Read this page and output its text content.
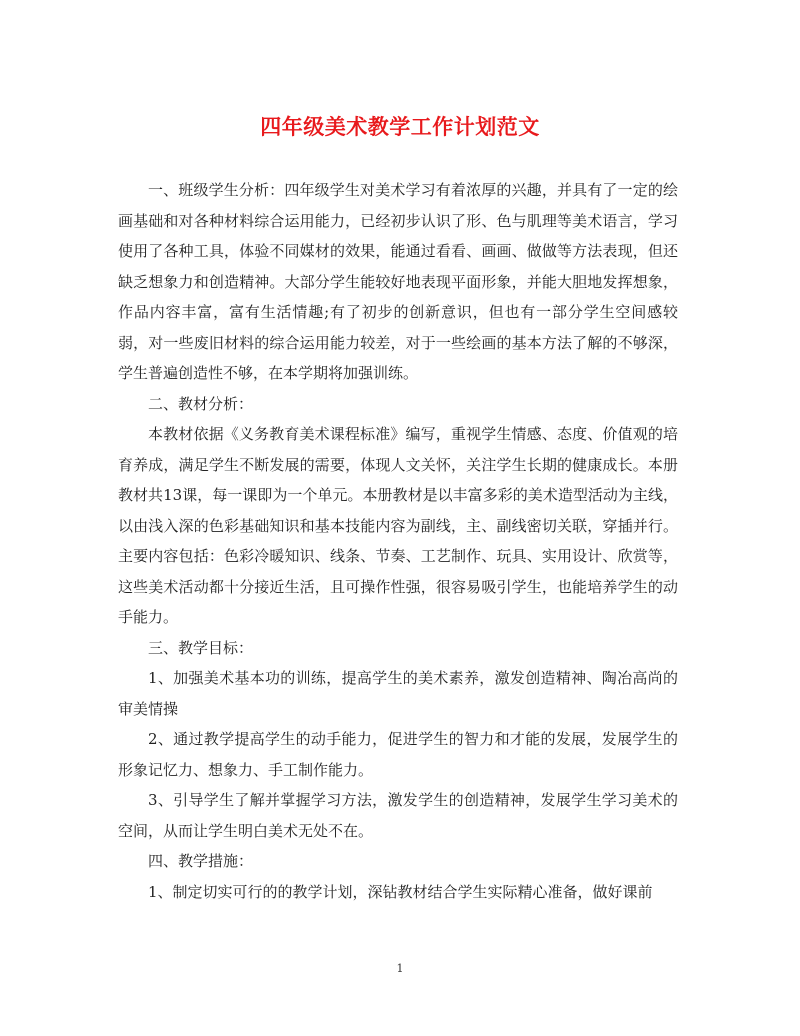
四年级美术教学工作计划范文

一、班级学生分析：四年级学生对美术学习有着浓厚的兴趣，并具有了一定的绘画基础和对各种材料综合运用能力，已经初步认识了形、色与肌理等美术语言，学习使用了各种工具，体验不同媒材的效果，能通过看看、画画、做做等方法表现，但还缺乏想象力和创造精神。大部分学生能较好地表现平面形象，并能大胆地发挥想象，作品内容丰富，富有生活情趣;有了初步的创新意识，但也有一部分学生空间感较弱，对一些废旧材料的综合运用能力较差，对于一些绘画的基本方法了解的不够深，学生普遍创造性不够，在本学期将加强训练。

二、教材分析：

本教材依据《义务教育美术课程标准》编写，重视学生情感、态度、价值观的培育养成，满足学生不断发展的需要，体现人文关怀，关注学生长期的健康成长。本册教材共13课，每一课即为一个单元。本册教材是以丰富多彩的美术造型活动为主线，以由浅入深的色彩基础知识和基本技能内容为副线，主、副线密切关联，穿插并行。主要内容包括：色彩冷暖知识、线条、节奏、工艺制作、玩具、实用设计、欣赏等，这些美术活动都十分接近生活，且可操作性强，很容易吸引学生，也能培养学生的动手能力。

三、教学目标：

1、加强美术基本功的训练，提高学生的美术素养，激发创造精神、陶冶高尚的审美情操

2、通过教学提高学生的动手能力，促进学生的智力和才能的发展，发展学生的形象记忆力、想象力、手工制作能力。

3、引导学生了解并掌握学习方法，激发学生的创造精神，发展学生学习美术的空间，从而让学生明白美术无处不在。

四、教学措施：

1、制定切实可行的的教学计划，深钻教材结合学生实际精心准备，做好课前

1
